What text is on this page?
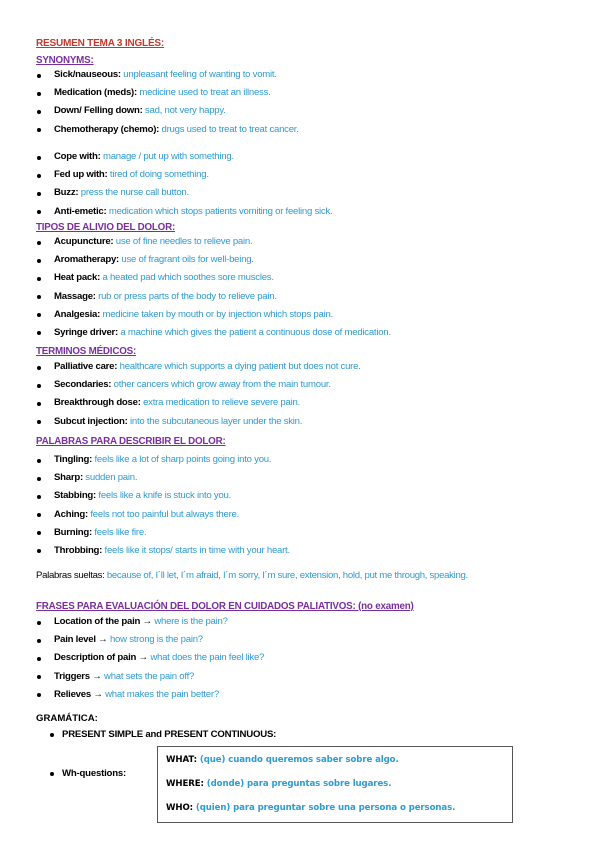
RESUMEN TEMA 3 INGLÉS:
SYNONYMS:
Sick/nauseous: unpleasant feeling of wanting to vomit.
Medication (meds): medicine used to treat an illness.
Down/ Felling down: sad, not very happy.
Chemotherapy (chemo): drugs used to treat to treat cancer.
Cope with: manage / put up with something.
Fed up with: tired of doing something.
Buzz: press the nurse call button.
Anti-emetic: medication which stops patients vomiting or feeling sick.
TIPOS DE ALIVIO DEL DOLOR:
Acupuncture: use of fine needles to relieve pain.
Aromatherapy: use of fragrant oils for well-being.
Heat pack: a heated pad which soothes sore muscles.
Massage: rub or press parts of the body to relieve pain.
Analgesia: medicine taken by mouth or by injection which stops pain.
Syringe driver: a machine which gives the patient a continuous dose of medication.
TERMINOS MÉDICOS:
Palliative care: healthcare which supports a dying patient but does not cure.
Secondaries: other cancers which grow away from the main tumour.
Breakthrough dose: extra medication to relieve severe pain.
Subcut injection: into the subcutaneous layer under the skin.
PALABRAS PARA DESCRIBIR EL DOLOR:
Tingling: feels like a lot of sharp points going into you.
Sharp: sudden pain.
Stabbing: feels like a knife is stuck into you.
Aching: feels not too painful but always there.
Burning: feels like fire.
Throbbing: feels like it stops/ starts in time with your heart.
Palabras sueltas: because of, I´ll let, I´m afraid, I´m sorry, I´m sure, extension, hold, put me through, speaking.
FRASES PARA EVALUACIÓN DEL DOLOR EN CUIDADOS PALIATIVOS: (no examen)
Location of the pain → where is the pain?
Pain level → how strong is the pain?
Description of pain → what does the pain feel like?
Triggers → what sets the pain off?
Relieves → what makes the pain better?
GRAMÁTICA:
PRESENT SIMPLE and PRESENT CONTINUOUS:
Wh-questions:
WHAT: (que) cuando queremos saber sobre algo.
WHERE: (donde) para preguntas sobre lugares.
WHO: (quien) para preguntar sobre una persona o personas.
